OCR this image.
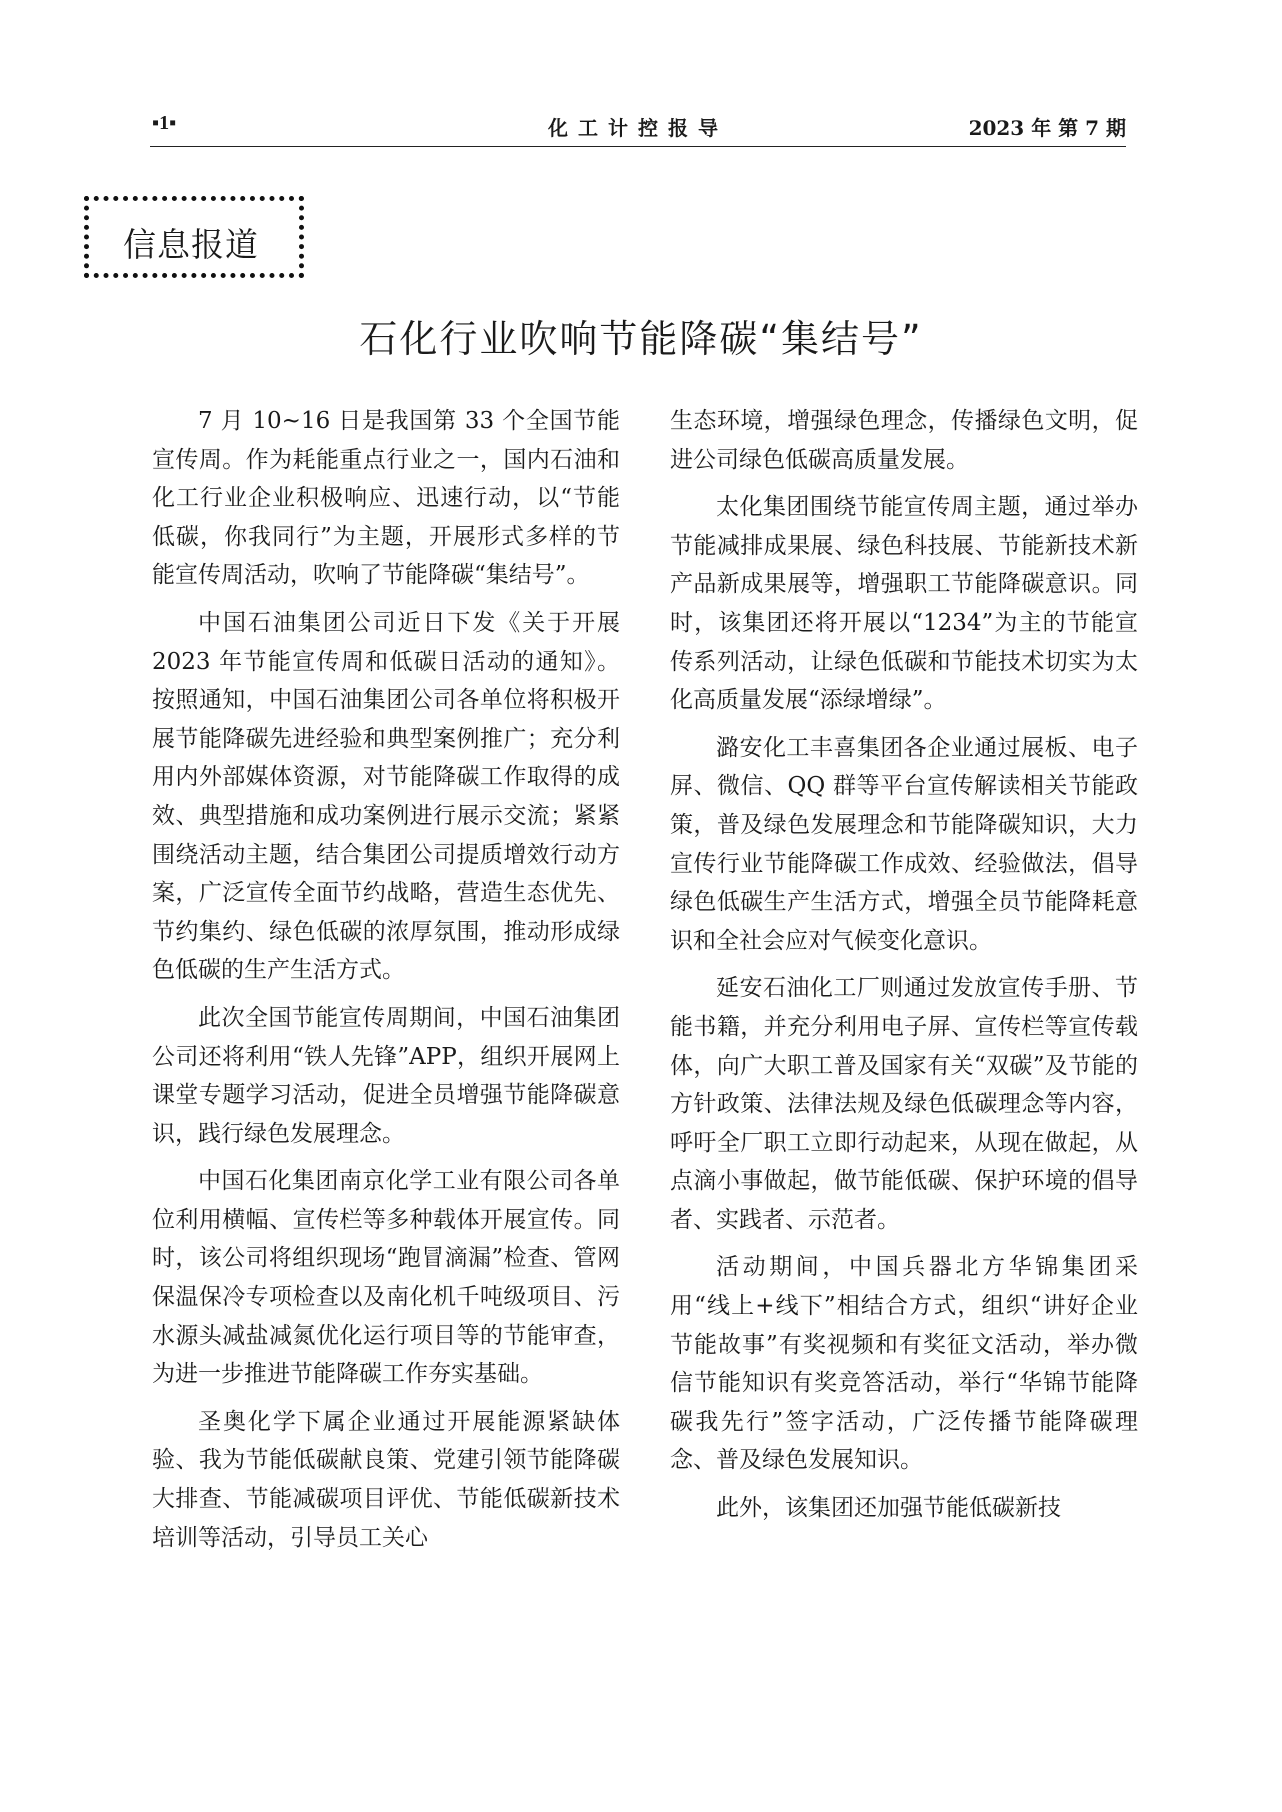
▪1▪	化工计控报导	2023 年 第 7 期
信息报道
石化行业吹响节能降碳“集结号”

7 月 10~16 日是我国第 33 个全国节能宣传周。作为耗能重点行业之一，国内石油和化工行业企业积极响应、迅速行动，以“节能低碳，你我同行”为主题，开展形式多样的节能宣传周活动，吹响了节能降碳“集结号”。

中国石油集团公司近日下发《关于开展 2023 年节能宣传周和低碳日活动的通知》。按照通知，中国石油集团公司各单位将积极开展节能降碳先进经验和典型案例推广；充分利用内外部媒体资源，对节能降碳工作取得的成效、典型措施和成功案例进行展示交流；紧紧围绕活动主题，结合集团公司提质增效行动方案，广泛宣传全面节约战略，营造生态优先、节约集约、绿色低碳的浓厚氛围，推动形成绿色低碳的生产生活方式。

此次全国节能宣传周期间，中国石油集团公司还将利用“铁人先锋”APP，组织开展网上课堂专题学习活动，促进全员增强节能降碳意识，践行绿色发展理念。

中国石化集团南京化学工业有限公司各单位利用横幅、宣传栏等多种载体开展宣传。同时，该公司将组织现场“跑冒滴漏”检查、管网保温保冷专项检查以及南化机千吨级项目、污水源头减盐减氮优化运行项目等的节能审查，为进一步推进节能降碳工作夯实基础。

圣奥化学下属企业通过开展能源紧缺体验、我为节能低碳献良策、党建引领节能降碳大排查、节能减碳项目评优、节能低碳新技术培训等活动，引导员工关心

生态环境，增强绿色理念，传播绿色文明，促进公司绿色低碳高质量发展。

太化集团围绕节能宣传周主题，通过举办节能减排成果展、绿色科技展、节能新技术新产品新成果展等，增强职工节能降碳意识。同时，该集团还将开展以“1234”为主的节能宣传系列活动，让绿色低碳和节能技术切实为太化高质量发展“添绿增绿”。

潞安化工丰喜集团各企业通过展板、电子屏、微信、QQ 群等平台宣传解读相关节能政策，普及绿色发展理念和节能降碳知识，大力宣传行业节能降碳工作成效、经验做法，倡导绿色低碳生产生活方式，增强全员节能降耗意识和全社会应对气候变化意识。

延安石油化工厂则通过发放宣传手册、节能书籍，并充分利用电子屏、宣传栏等宣传载体，向广大职工普及国家有关“双碳”及节能的方针政策、法律法规及绿色低碳理念等内容，呼吁全厂职工立即行动起来，从现在做起，从点滴小事做起，做节能低碳、保护环境的倡导者、实践者、示范者。

活动期间，中国兵器北方华锦集团采用“线上+线下”相结合方式，组织“讲好企业节能故事”有奖视频和有奖征文活动，举办微信节能知识有奖竞答活动，举行“华锦节能降碳我先行”签字活动，广泛传播节能降碳理念、普及绿色发展知识。

此外，该集团还加强节能低碳新技
